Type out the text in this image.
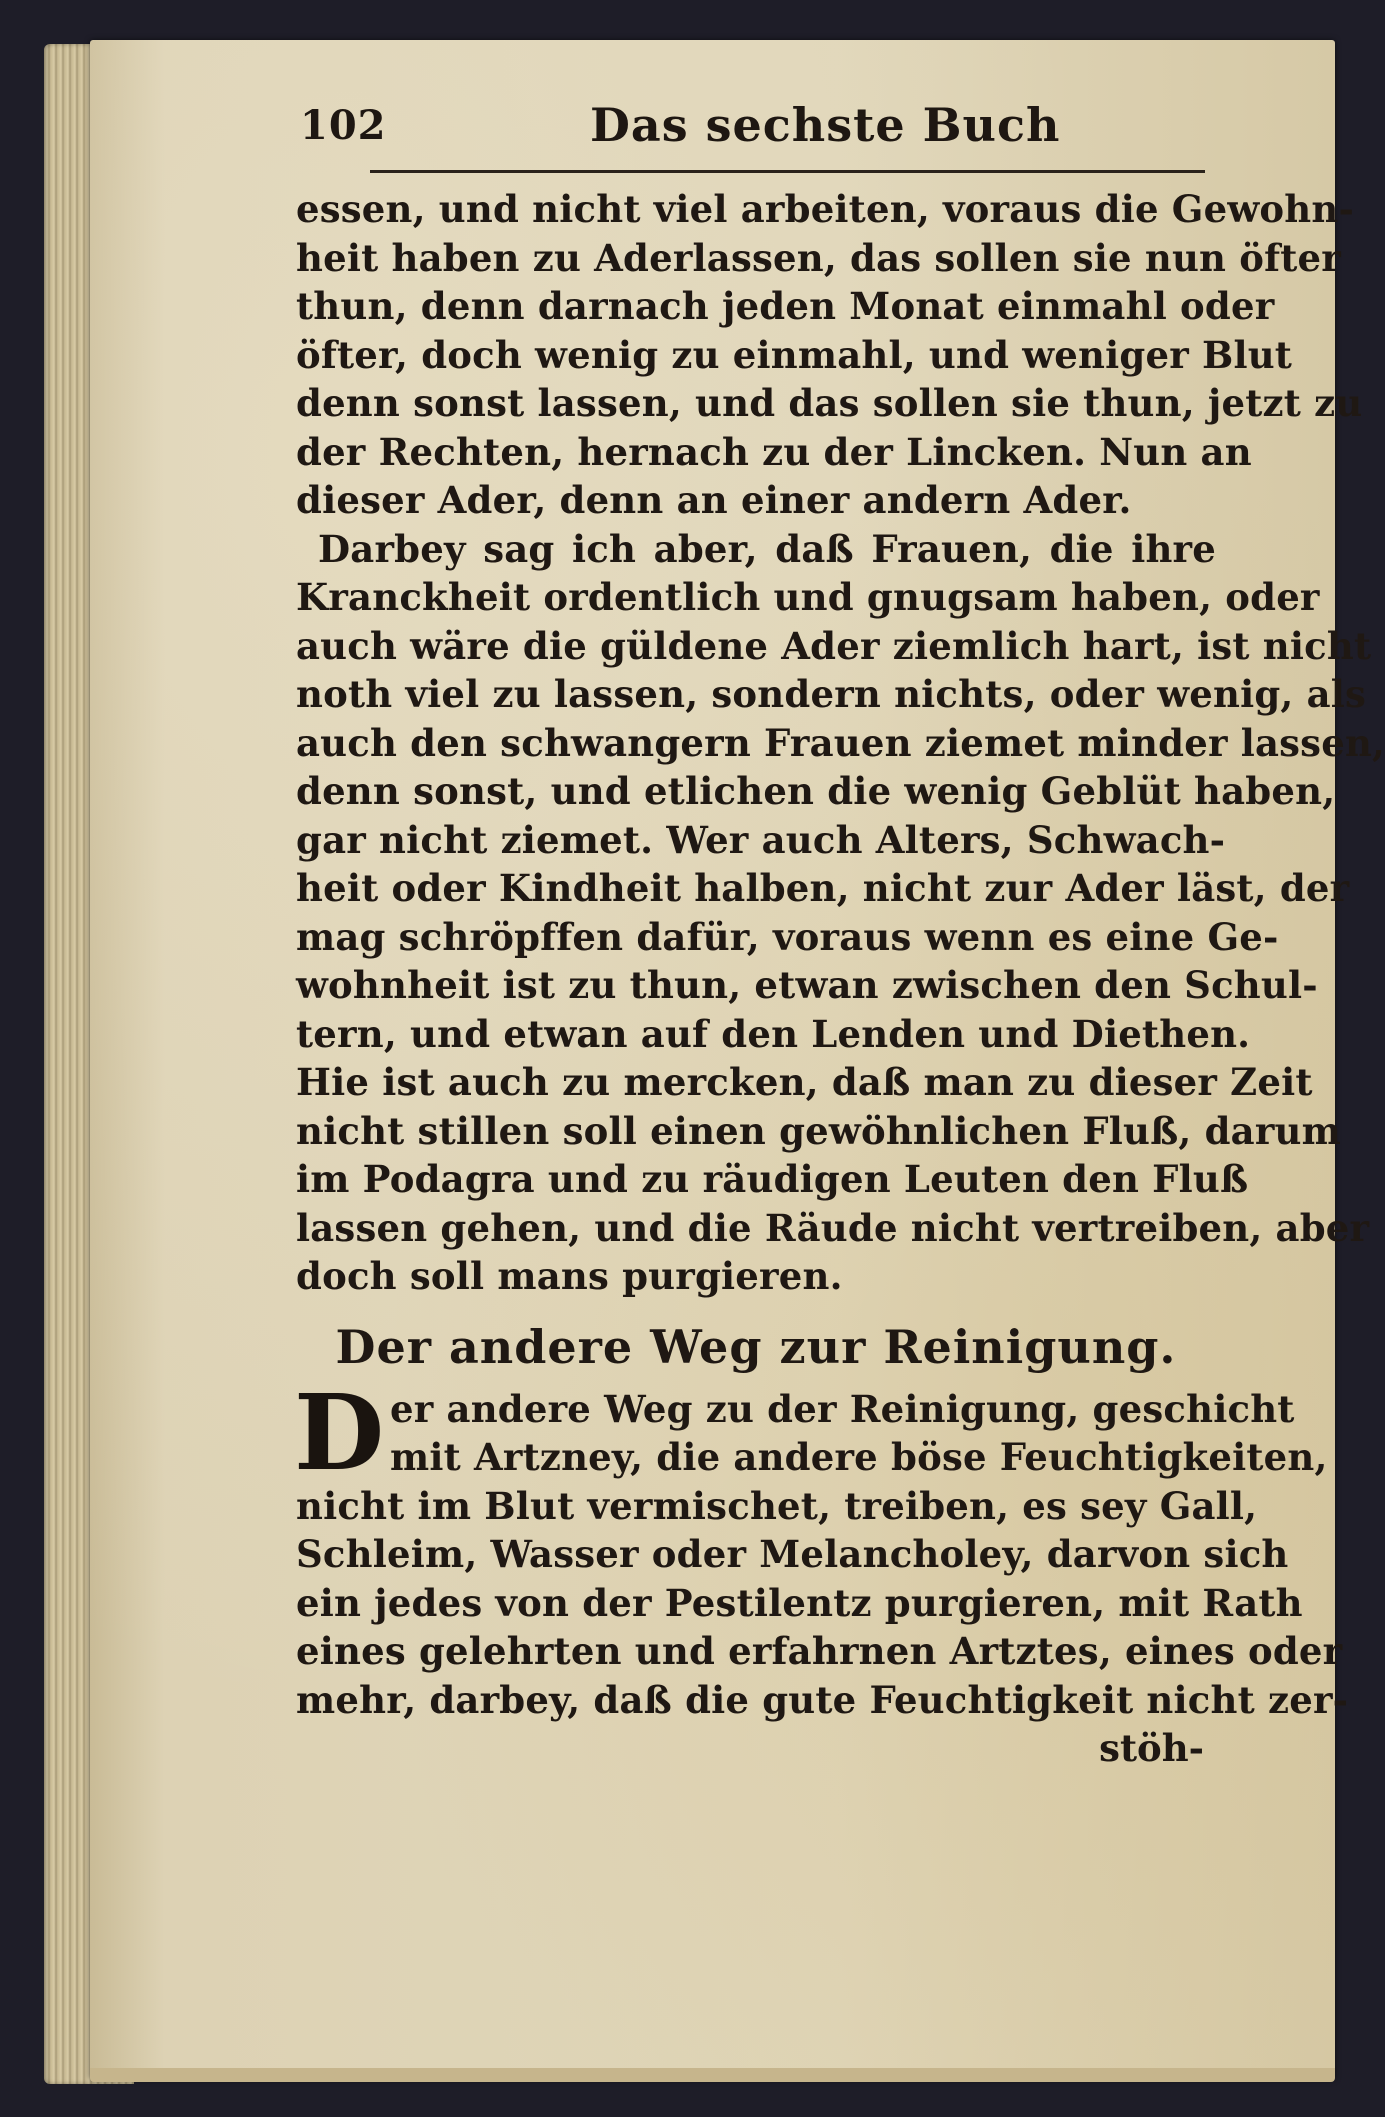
102	Das sechste Buch
essen, und nicht viel arbeiten, voraus die Gewohn-
heit haben zu Aderlassen, das sollen sie nun öfter
thun, denn darnach jeden Monat einmahl oder
öfter, doch wenig zu einmahl, und weniger Blut
denn sonst lassen, und das sollen sie thun, jetzt zu
der Rechten, hernach zu der Lincken. Nun an
dieser Ader, denn an einer andern Ader.
Darbey sag ich aber, daß Frauen, die ihre
Kranckheit ordentlich und gnugsam haben, oder
auch wäre die güldene Ader ziemlich hart, ist nicht
noth viel zu lassen, sondern nichts, oder wenig, als
auch den schwangern Frauen ziemet minder lassen,
denn sonst, und etlichen die wenig Geblüt haben,
gar nicht ziemet. Wer auch Alters, Schwach-
heit oder Kindheit halben, nicht zur Ader läst, der
mag schröpffen dafür, voraus wenn es eine Ge-
wohnheit ist zu thun, etwan zwischen den Schul-
tern, und etwan auf den Lenden und Diethen.
Hie ist auch zu mercken, daß man zu dieser Zeit
nicht stillen soll einen gewöhnlichen Fluß, darum
im Podagra und zu räudigen Leuten den Fluß
lassen gehen, und die Räude nicht vertreiben, aber
doch soll mans purgieren.
Der andere Weg zur Reinigung.
D er andere Weg zu der Reinigung, geschicht
mit Artzney, die andere böse Feuchtigkeiten,
nicht im Blut vermischet, treiben, es sey Gall,
Schleim, Wasser oder Melancholey, darvon sich
ein jedes von der Pestilentz purgieren, mit Rath
eines gelehrten und erfahrnen Artztes, eines oder
mehr, darbey, daß die gute Feuchtigkeit nicht zer-
stöh-
